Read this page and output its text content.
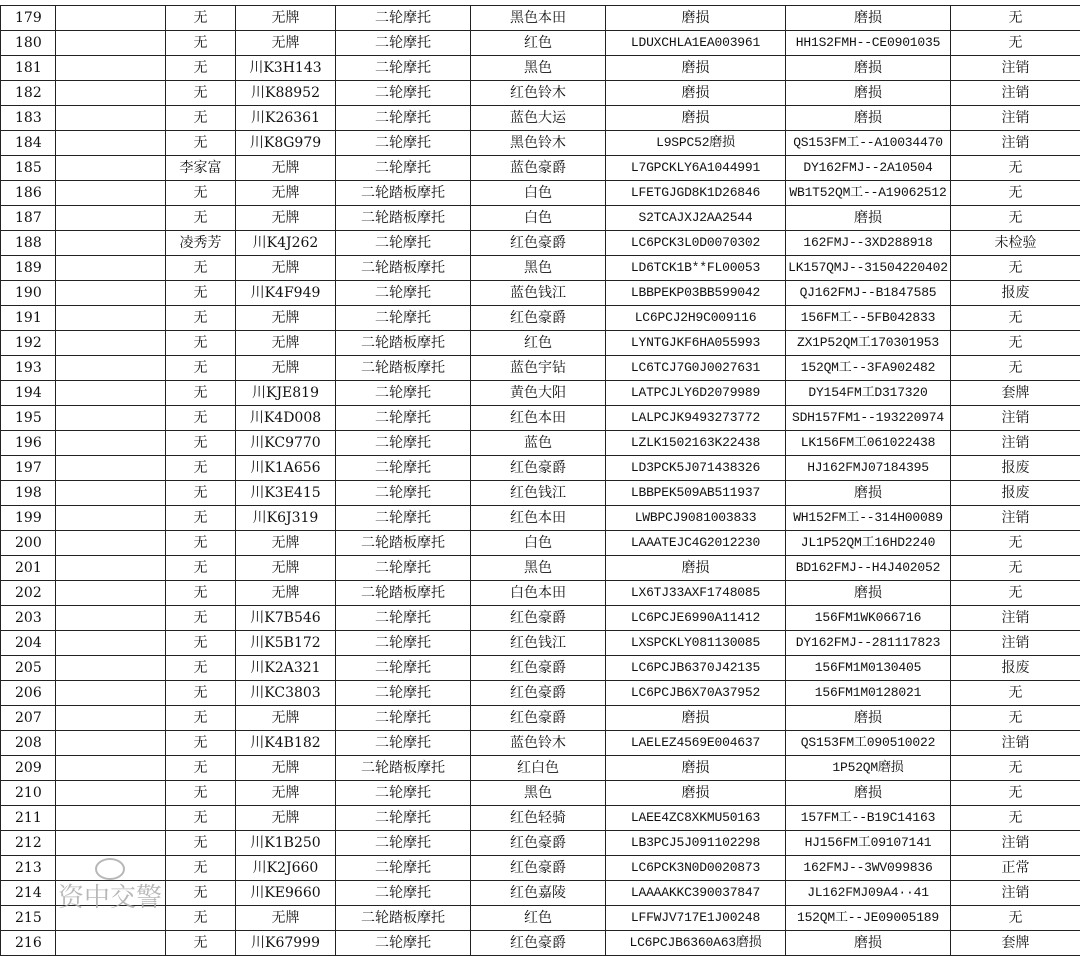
179		无	无牌	二轮摩托	黑色本田	磨损	磨损	无
180		无	无牌	二轮摩托	红色	LDUXCHLA1EA003961	HH1S2FMH--CE0901035	无
181		无	川K3H143	二轮摩托	黑色	磨损	磨损	注销
182		无	川K88952	二轮摩托	红色铃木	磨损	磨损	注销
183		无	川K26361	二轮摩托	蓝色大运	磨损	磨损	注销
184		无	川K8G979	二轮摩托	黑色铃木	L9SPC52磨损	QS153FM工--A10034470	注销
185		李家富	无牌	二轮摩托	蓝色豪爵	L7GPCKLY6A1044991	DY162FMJ--2A10504	无
186		无	无牌	二轮踏板摩托	白色	LFETGJGD8K1D26846	WB1T52QM工--A19062512	无
187		无	无牌	二轮踏板摩托	白色	S2TCAJXJ2AA2544	磨损	无
188		凌秀芳	川K4J262	二轮摩托	红色豪爵	LC6PCK3L0D0070302	162FMJ--3XD288918	未检验
189		无	无牌	二轮踏板摩托	黑色	LD6TCK1B**FL00053	LK157QMJ--31504220402	无
190		无	川K4F949	二轮摩托	蓝色钱江	LBBPEKP03BB599042	QJ162FMJ--B1847585	报废
191		无	无牌	二轮摩托	红色豪爵	LC6PCJ2H9C009116	156FM工--5FB042833	无
192		无	无牌	二轮踏板摩托	红色	LYNTGJKF6HA055993	ZX1P52QM工170301953	无
193		无	无牌	二轮踏板摩托	蓝色宇钻	LC6TCJ7G0J0027631	152QM工--3FA902482	无
194		无	川KJE819	二轮摩托	黄色大阳	LATPCJLY6D2079989	DY154FM工D317320	套牌
195		无	川K4D008	二轮摩托	红色本田	LALPCJK9493273772	SDH157FM1--193220974	注销
196		无	川KC9770	二轮摩托	蓝色	LZLK1502163K22438	LK156FM工061022438	注销
197		无	川K1A656	二轮摩托	红色豪爵	LD3PCK5J071438326	HJ162FMJ07184395	报废
198		无	川K3E415	二轮摩托	红色钱江	LBBPEK509AB511937	磨损	报废
199		无	川K6J319	二轮摩托	红色本田	LWBPCJ9081003833	WH152FM工--314H00089	注销
200		无	无牌	二轮踏板摩托	白色	LAAATEJC4G2012230	JL1P52QM工16HD2240	无
201		无	无牌	二轮摩托	黑色	磨损	BD162FMJ--H4J402052	无
202		无	无牌	二轮踏板摩托	白色本田	LX6TJ33AXF1748085	磨损	无
203		无	川K7B546	二轮摩托	红色豪爵	LC6PCJE6990A11412	156FM1WK066716	注销
204		无	川K5B172	二轮摩托	红色钱江	LXSPCKLY081130085	DY162FMJ--281117823	注销
205		无	川K2A321	二轮摩托	红色豪爵	LC6PCJB6370J42135	156FM1M0130405	报废
206		无	川KC3803	二轮摩托	红色豪爵	LC6PCJB6X70A37952	156FM1M0128021	无
207		无	无牌	二轮摩托	红色豪爵	磨损	磨损	无
208		无	川K4B182	二轮摩托	蓝色铃木	LAELEZ4569E004637	QS153FM工090510022	注销
209		无	无牌	二轮踏板摩托	红白色	磨损	1P52QM磨损	无
210		无	无牌	二轮摩托	黑色	磨损	磨损	无
211		无	无牌	二轮摩托	红色轻骑	LAEE4ZC8XKMU50163	157FM工--B19C14163	无
212		无	川K1B250	二轮摩托	红色豪爵	LB3PCJ5J091102298	HJ156FM工09107141	注销
213		无	川K2J660	二轮摩托	红色豪爵	LC6PCK3N0D0020873	162FMJ--3WV099836	正常
214		无	川KE9660	二轮摩托	红色嘉陵	LAAAAKKC390037847	JL162FMJ09A4··41	注销
215		无	无牌	二轮踏板摩托	红色	LFFWJV717E1J00248	152QM工--JE09005189	无
216		无	川K67999	二轮摩托	红色豪爵	LC6PCJB6360A63磨损	磨损	套牌
资中交警
